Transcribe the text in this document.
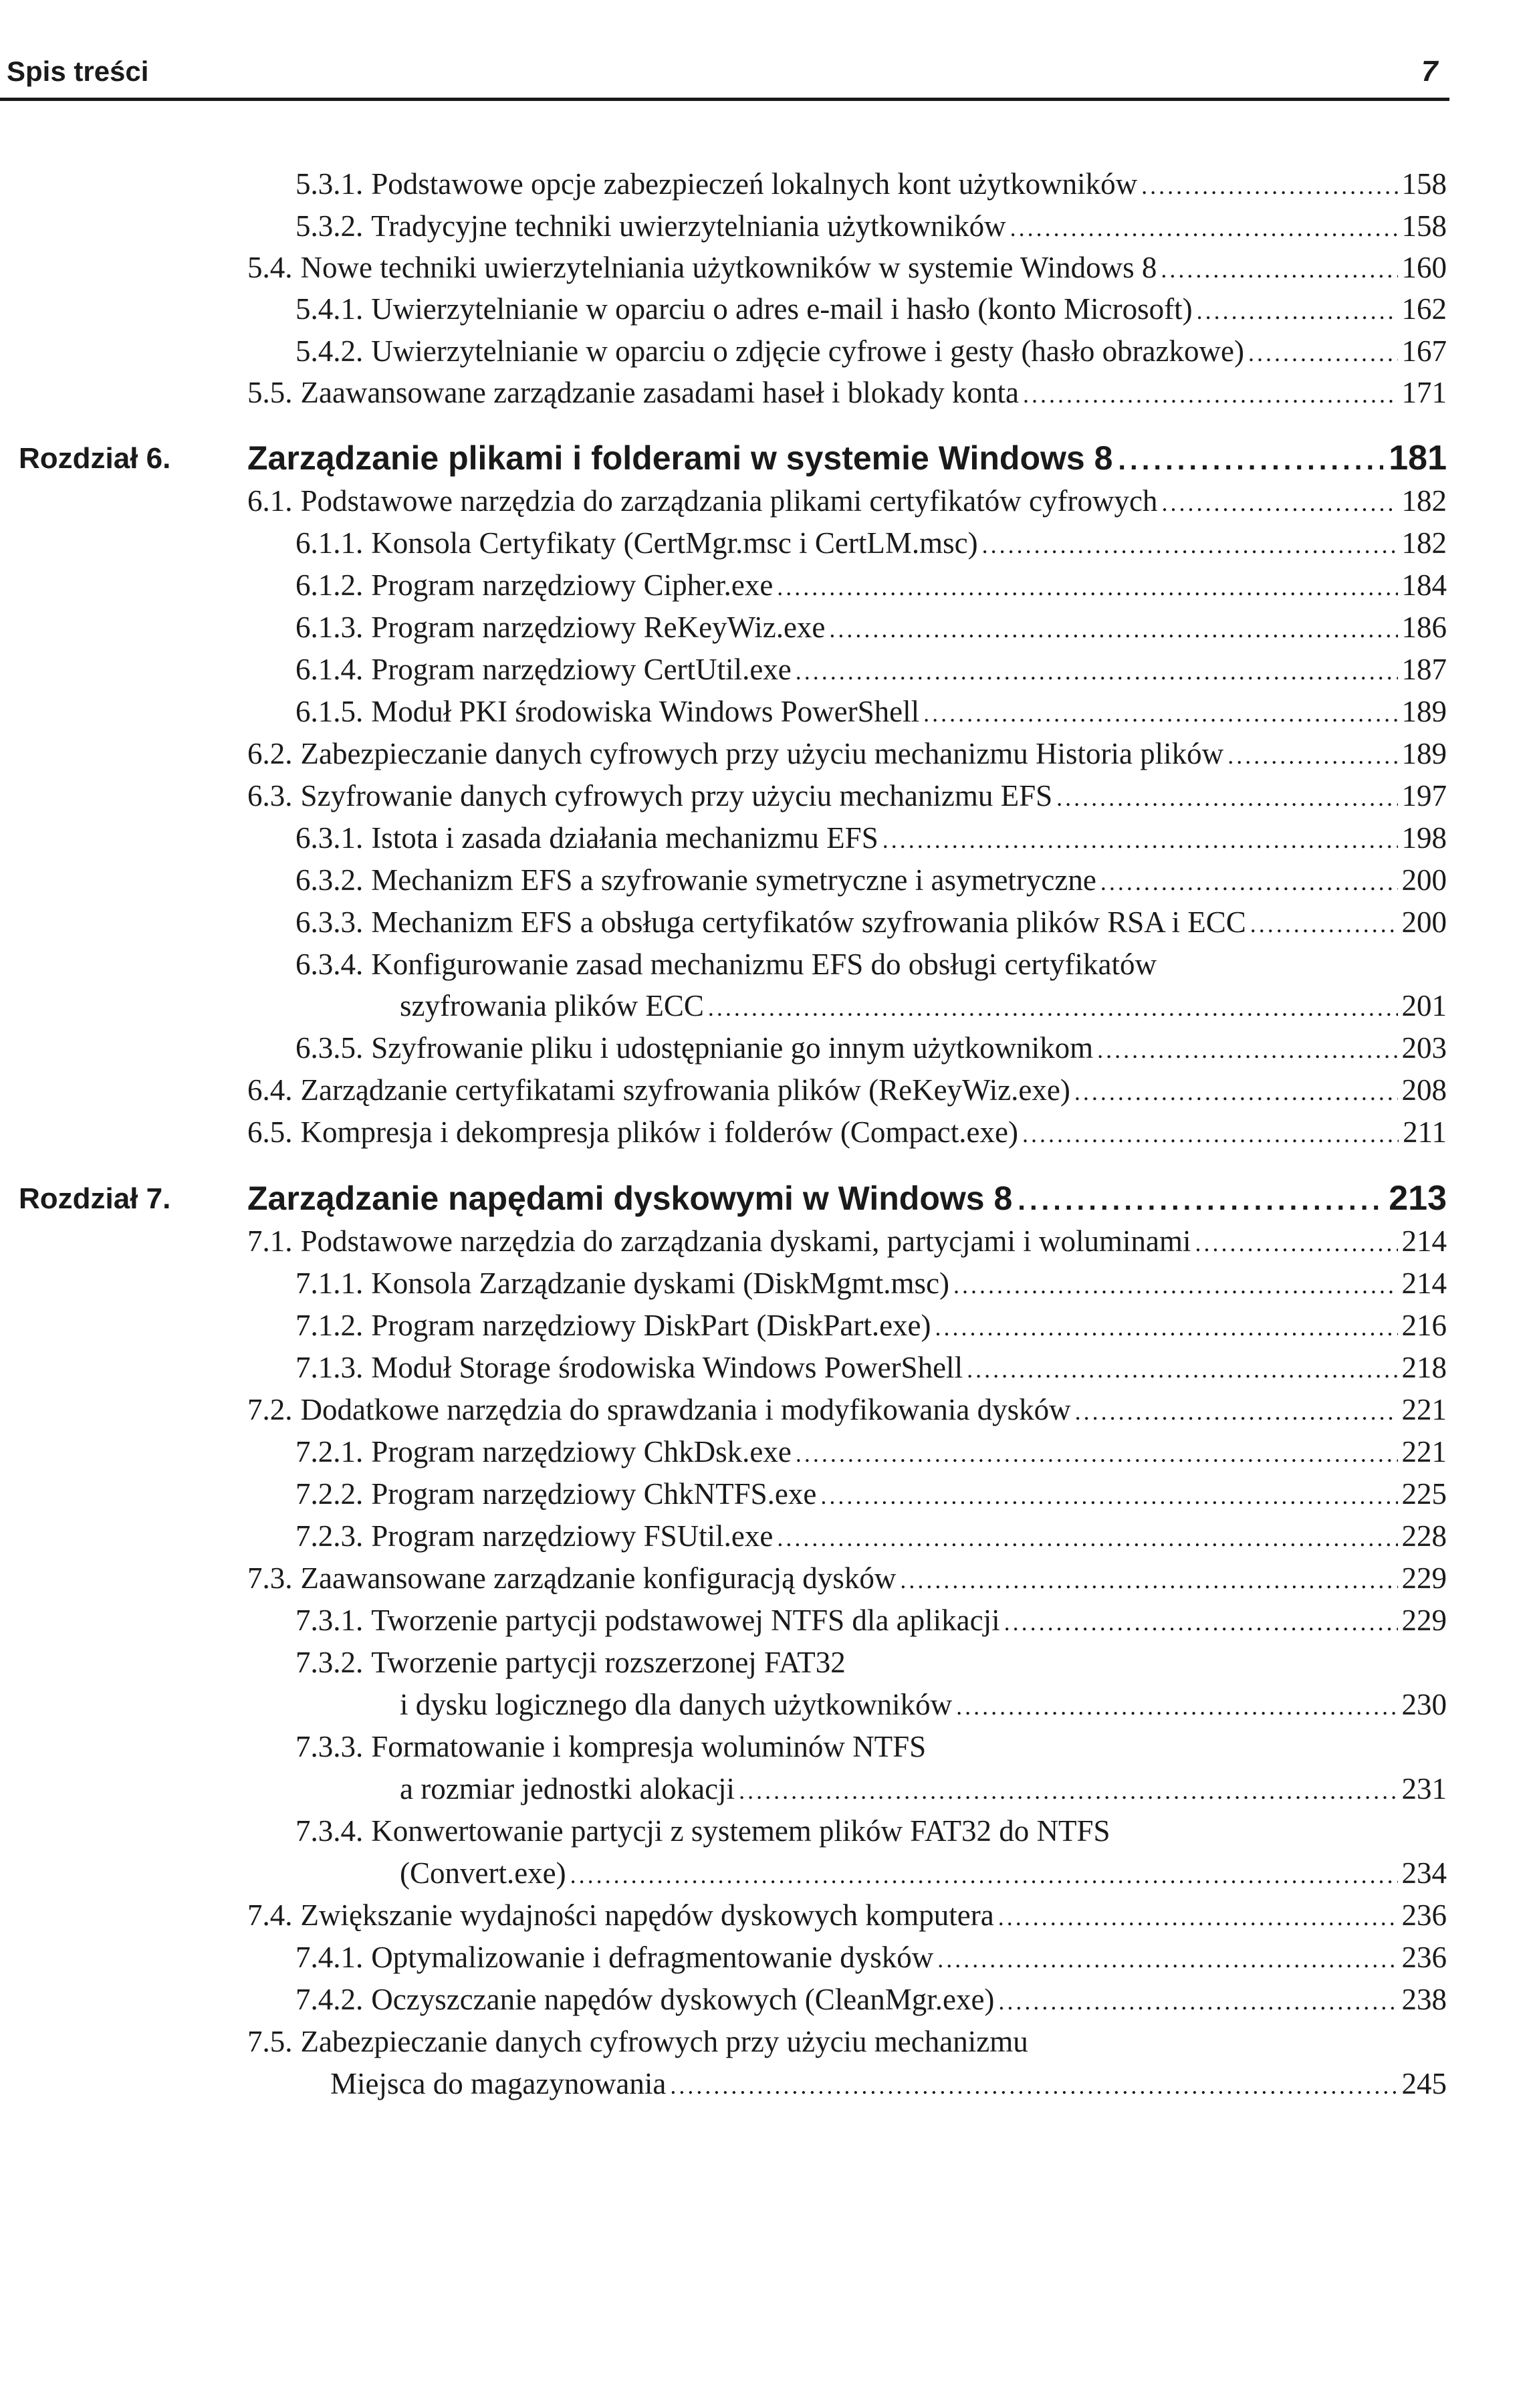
Spis treści	7
5.3.1. Podstawowe opcje zabezpieczeń lokalnych kont użytkowników .....	158
5.3.2. Tradycyjne techniki uwierzytelniania użytkowników .....	158
5.4. Nowe techniki uwierzytelniania użytkowników w systemie Windows 8 .....	160
5.4.1. Uwierzytelnianie w oparciu o adres e-mail i hasło (konto Microsoft) .....	162
5.4.2. Uwierzytelnianie w oparciu o zdjęcie cyfrowe i gesty (hasło obrazkowe) .....	167
5.5. Zaawansowane zarządzanie zasadami haseł i blokady konta .....	171
Rozdział 6. Zarządzanie plikami i folderami w systemie Windows 8 .....	181
6.1. Podstawowe narzędzia do zarządzania plikami certyfikatów cyfrowych .....	182
6.1.1. Konsola Certyfikaty (CertMgr.msc i CertLM.msc) .....	182
6.1.2. Program narzędziowy Cipher.exe .....	184
6.1.3. Program narzędziowy ReKeyWiz.exe .....	186
6.1.4. Program narzędziowy CertUtil.exe .....	187
6.1.5. Moduł PKI środowiska Windows PowerShell .....	189
6.2. Zabezpieczanie danych cyfrowych przy użyciu mechanizmu Historia plików .....	189
6.3. Szyfrowanie danych cyfrowych przy użyciu mechanizmu EFS .....	197
6.3.1. Istota i zasada działania mechanizmu EFS .....	198
6.3.2. Mechanizm EFS a szyfrowanie symetryczne i asymetryczne .....	200
6.3.3. Mechanizm EFS a obsługa certyfikatów szyfrowania plików RSA i ECC .....	200
6.3.4. Konfigurowanie zasad mechanizmu EFS do obsługi certyfikatów
szyfrowania plików ECC .....	201
6.3.5. Szyfrowanie pliku i udostępnianie go innym użytkownikom .....	203
6.4. Zarządzanie certyfikatami szyfrowania plików (ReKeyWiz.exe) .....	208
6.5. Kompresja i dekompresja plików i folderów (Compact.exe) .....	211
Rozdział 7. Zarządzanie napędami dyskowymi w Windows 8 .....	213
7.1. Podstawowe narzędzia do zarządzania dyskami, partycjami i woluminami .....	214
7.1.1. Konsola Zarządzanie dyskami (DiskMgmt.msc) .....	214
7.1.2. Program narzędziowy DiskPart (DiskPart.exe) .....	216
7.1.3. Moduł Storage środowiska Windows PowerShell .....	218
7.2. Dodatkowe narzędzia do sprawdzania i modyfikowania dysków .....	221
7.2.1. Program narzędziowy ChkDsk.exe .....	221
7.2.2. Program narzędziowy ChkNTFS.exe .....	225
7.2.3. Program narzędziowy FSUtil.exe .....	228
7.3. Zaawansowane zarządzanie konfiguracją dysków .....	229
7.3.1. Tworzenie partycji podstawowej NTFS dla aplikacji .....	229
7.3.2. Tworzenie partycji rozszerzonej FAT32
i dysku logicznego dla danych użytkowników .....	230
7.3.3. Formatowanie i kompresja woluminów NTFS
a rozmiar jednostki alokacji .....	231
7.3.4. Konwertowanie partycji z systemem plików FAT32 do NTFS
(Convert.exe) .....	234
7.4. Zwiększanie wydajności napędów dyskowych komputera .....	236
7.4.1. Optymalizowanie i defragmentowanie dysków .....	236
7.4.2. Oczyszczanie napędów dyskowych (CleanMgr.exe) .....	238
7.5. Zabezpieczanie danych cyfrowych przy użyciu mechanizmu
Miejsca do magazynowania .....	245
